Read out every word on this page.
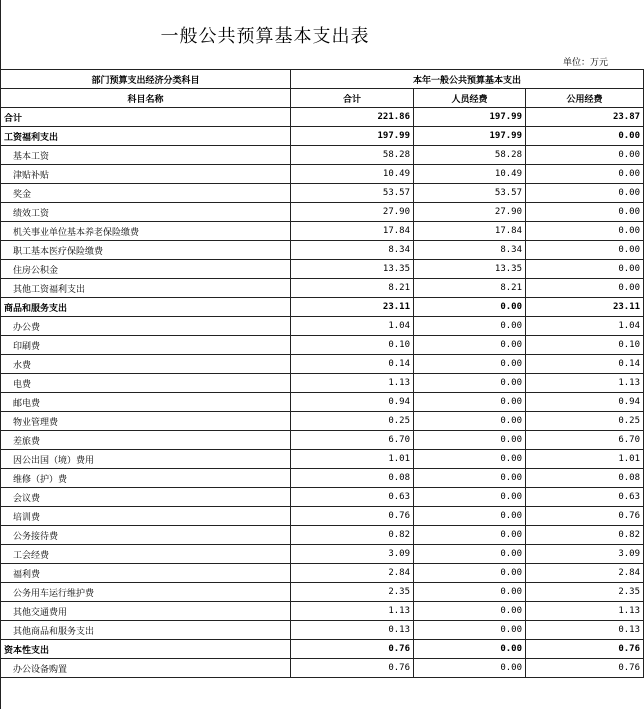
一般公共预算基本支出表
单位：万元
部门预算支出经济分类科目	本年一般公共预算基本支出		
科目名称	合计	人员经费	公用经费
合计	221.86	197.99	23.87
工资福利支出	197.99	197.99	0.00
基本工资	58.28	58.28	0.00
津贴补贴	10.49	10.49	0.00
奖金	53.57	53.57	0.00
绩效工资	27.90	27.90	0.00
机关事业单位基本养老保险缴费	17.84	17.84	0.00
职工基本医疗保险缴费	8.34	8.34	0.00
住房公积金	13.35	13.35	0.00
其他工资福利支出	8.21	8.21	0.00
商品和服务支出	23.11	0.00	23.11
办公费	1.04	0.00	1.04
印刷费	0.10	0.00	0.10
水费	0.14	0.00	0.14
电费	1.13	0.00	1.13
邮电费	0.94	0.00	0.94
物业管理费	0.25	0.00	0.25
差旅费	6.70	0.00	6.70
因公出国（境）费用	1.01	0.00	1.01
维修（护）费	0.08	0.00	0.08
会议费	0.63	0.00	0.63
培训费	0.76	0.00	0.76
公务接待费	0.82	0.00	0.82
工会经费	3.09	0.00	3.09
福利费	2.84	0.00	2.84
公务用车运行维护费	2.35	0.00	2.35
其他交通费用	1.13	0.00	1.13
其他商品和服务支出	0.13	0.00	0.13
资本性支出	0.76	0.00	0.76
办公设备购置	0.76	0.00	0.76
